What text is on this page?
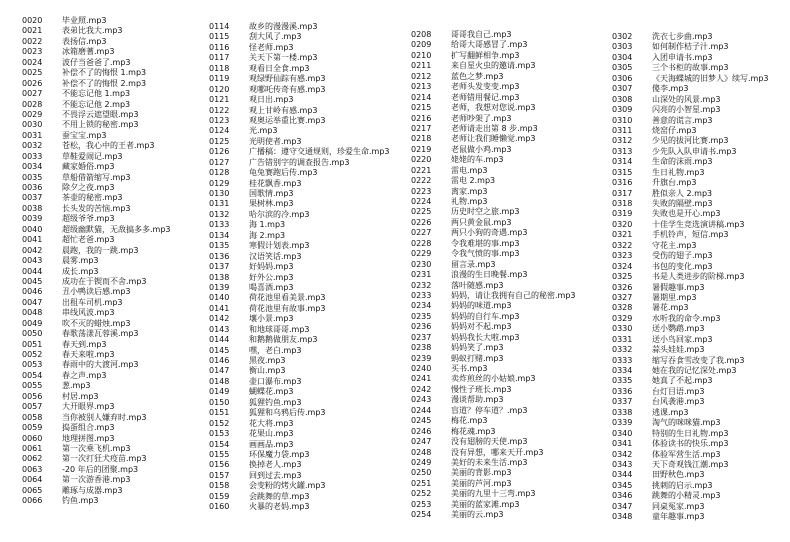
0020 毕业照.mp3
0021 表弟比我大.mp3
0022 表扬信.mp3
0023 冰箱磨蓍.mp3
0024 波仔当爸爸了.mp3
0025 补偿不了的悔恨 1.mp3
0026 补偿不了的悔恨 2.mp3
0027 不能忘记他 1.mp3
0028 不能忘记他 2.mp3
0029 不畏浮云遮望眼.mp3
0030 不用上锁的秘密.mp3
0031 蚕宝宝.mp3
0032 苍松，我心中的王者.mp3
0033 草鞋爱闹记.mp3
0034 藏家婚俗.mp3
0035 草船借箭缩写.mp3
0036 除夕之夜.mp3
0037 茶壶的秘密.mp3
0038 长头发的苦恼.mp3
0039 超级爷爷.mp3
0040 超级幽默猫，无敌搞多多.mp3
0041 超忙老爸.mp3
0042 晨跑，我的一跳.mp3
0043 晨雾.mp3
0044 成长.mp3
0045 成功在于锲而不舍.mp3
0046 丑小鸭读后感.mp3
0047 出租车司机.mp3
0048 串线风波.mp3
0049 吹不灭的蜡烛.mp3
0050 春歌荡漾瓦蓉溪.mp3
0051 春天到.mp3
0052 春天来啦.mp3
0053 春雨中的大渡河.mp3
0054 春之声.mp3
0055 葱.mp3
0056 村居.mp3
0057 大开眼界.mp3
0058 当你被别人嫌弃时.mp3
0059 捣蛋组合.mp3
0060 地理拼图.mp3
0061 第一次乘飞机.mp3
0062 第一次打狂犬疫苗.mp3
0063 -20 年后的团聚.mp3
0064 第一次游香港.mp3
0065 雕琢与成器.mp3
0066 钓鱼.mp3
0114 故乡的漫漫溪.mp3
0115 刮大风了.mp3
0116 怪老师.mp3
0117 关天下第一楼.mp3
0118 观看日全食.mp3
0119 观绿野仙踪有感.mp3
0120 观哪吒传奇有感.mp3
0121 观日出.mp3
0122 观上甘岭有感.mp3
0123 观奥运举重比赛.mp3
0124 光.mp3
0125 光明使者.mp3
0126 广播稿：遵守交通规则，珍爱生命.mp3
0127 广告错别字的调查报告.mp3
0128 龟兔赛跑后传.mp3
0129 桂花飘香.mp3
0130 国歌情.mp3
0131 果树林.mp3
0132 哈尔滨的冷.mp3
0133 海 1.mp3
0134 海 2.mp3
0135 寒假计划表.mp3
0136 汉语笑话.mp3
0137 好妈妈.mp3
0138 好外公.mp3
0139 喝喜酒.mp3
0140 荷花池里看美景.mp3
0141 荷花池里有故事.mp3
0142 壤小景.mp3
0143 和地球哥哥.mp3
0144 和鹅鹅做朋友.mp3
0145 嘿，老白.mp3
0146 黑夜.mp3
0147 衡山.mp3
0148 壶口瀑布.mp3
0149 蝴蝶花.mp3
0150 狐狸钓鱼.mp3
0151 狐狸和乌鸦后传.mp3
0152 花大将.mp3
0153 花果山.mp3
0154 画画品.mp3
0155 环保魔力袋.mp3
0156 换掉老人.mp3
0157 回到过去.mp3
0158 会变粉的烤火罐.mp3
0159 会跳舞的草.mp3
0160 火暴的老妈.mp3
0208 哥哥我自己.mp3
0209 给哥大哥感冒了.mp3
0210 扩写翻鲜相争.mp3
0211 来自星火虫的邀请.mp3
0212 蓝色之梦.mp3
0213 老师头发变变.mp3
0214 老师错用餐记.mp3
0215 老师，我想对您说.mp3
0216 老师吵架了.mp3
0217 老师请走出第 8 步.mp3
0218 老师让我们睡懒觉.mp3
0219 老鼠做小鸡.mp3
0220 姥姥的车.mp3
0221 雷电.mp3
0222 雷电 2.mp3
0223 离家.mp3
0224 礼物.mp3
0225 历史时空之旅.mp3
0226 两只黄金鼠.mp3
0227 两只小狗的奇遇.mp3
0228 令我难堪的事.mp3
0229 令我气愤的事.mp3
0230 留言录.mp3
0231 浪漫的生日晚餐.mp3
0232 落叶随感.mp3
0233 妈妈，请让我拥有自己的秘密.mp3
0234 妈妈的味道.mp3
0235 妈妈的自行车.mp3
0236 妈妈对不起.mp3
0237 妈妈我长大啦.mp3
0238 妈妈笑了.mp3
0239 蚂蚁打赌.mp3
0240 买书.mp3
0241 卖炸煎丝的小姑娘.mp3
0242 慢性子班长.mp3
0243 漫谈帮助.mp3
0244 盲道？停车道？.mp3
0245 梅花.mp3
0246 梅花魂.mp3
0247 没有翅膀的天使.mp3
0248 没有异想，哪来天开.mp3
0249 美好的未来生活.mp3
0250 美丽的背影.mp3
0251 美丽的芦河.mp3
0252 美丽的九里十三弯.mp3
0253 美丽的蓝家滩.mp3
0254 美丽的云.mp3
0302 洗衣七步曲.mp3
0303 如何制作桔子汁.mp3
0304 入团申请书.mp3
0305 三个书柜的故事.mp3
0306 《天海蝶城的旧梦人》续写.mp3
0307 傻李.mp3
0308 山深处的风景.mp3
0309 闪亮的小智星.mp3
0310 善意的谎言.mp3
0311 烧窑仔.mp3
0312 少见的拔河比赛.mp3
0313 少先队入队申请书.mp3
0314 生命的沫雨.mp3
0315 生日礼物.mp3
0316 升旗台.mp3
0317 胜似亲人 2.mp3
0318 失败的隔壁.mp3
0319 失败也是开心.mp3
0320 十佳学生竞选演讲稿.mp3
0321 手机铃声，短信.mp3
0322 守花主.mp3
0323 受伤的翅子.mp3
0324 书包的变化.mp3
0325 书是人类进步的阶梯.mp3
0326 暑假趣事.mp3
0327 暑期里.mp3
0328 暑花.mp3
0329 水听我的命令.mp3
0330 送小鹦鹉.mp3
0331 送小鸟回家.mp3
0332 蒜头娃娃.mp3
0333 缩写吞食雪改变了我.mp3
0334 她在我的记忆深处.mp3
0335 她真了不起.mp3
0336 台灯目语.mp3
0337 台风袭港.mp3
0338 逃课.mp3
0339 淘气的咪咪猫.mp3
0340 特别的生日礼物.mp3
0341 体验读书的快乐.mp3
0342 体验军营生活.mp3
0343 天下奇观钱江潮.mp3
0344 田野秋色.mp3
0345 挑刺的启示.mp3
0346 跳舞的小精灵.mp3
0347 同桌冤家.mp3
0348 童年趣事.mp3
